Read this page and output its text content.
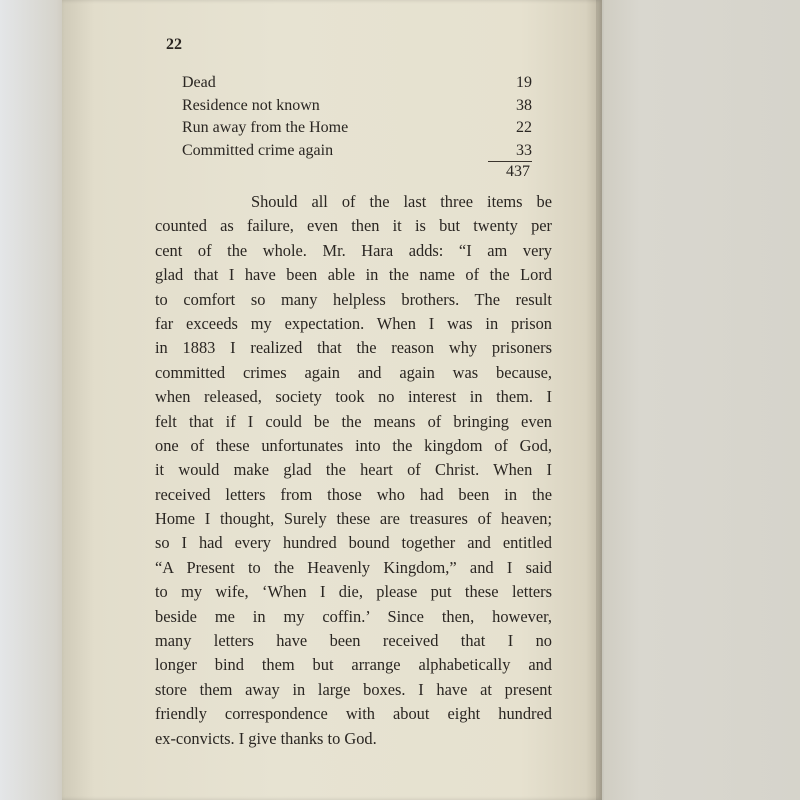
22
Dead	19
Residence not known	38
Run away from the Home	22
Committed crime again	33
437
Should all of the last three items be
counted as failure, even then it is but twenty per
cent of the whole. Mr. Hara adds: “I am very
glad that I have been able in the name of the Lord
to comfort so many helpless brothers. The result
far exceeds my expectation. When I was in prison
in 1883 I realized that the reason why prisoners
committed crimes again and again was because,
when released, society took no interest in them. I
felt that if I could be the means of bringing even
one of these unfortunates into the kingdom of God,
it would make glad the heart of Christ. When I
received letters from those who had been in the
Home I thought, Surely these are treasures of heaven;
so I had every hundred bound together and entitled
“A Present to the Heavenly Kingdom,” and I said
to my wife, ‘When I die, please put these letters
beside me in my coffin.’ Since then, however,
many letters have been received that I no
longer bind them but arrange alphabetically and
store them away in large boxes. I have at present
friendly correspondence with about eight hundred
ex-convicts. I give thanks to God.
